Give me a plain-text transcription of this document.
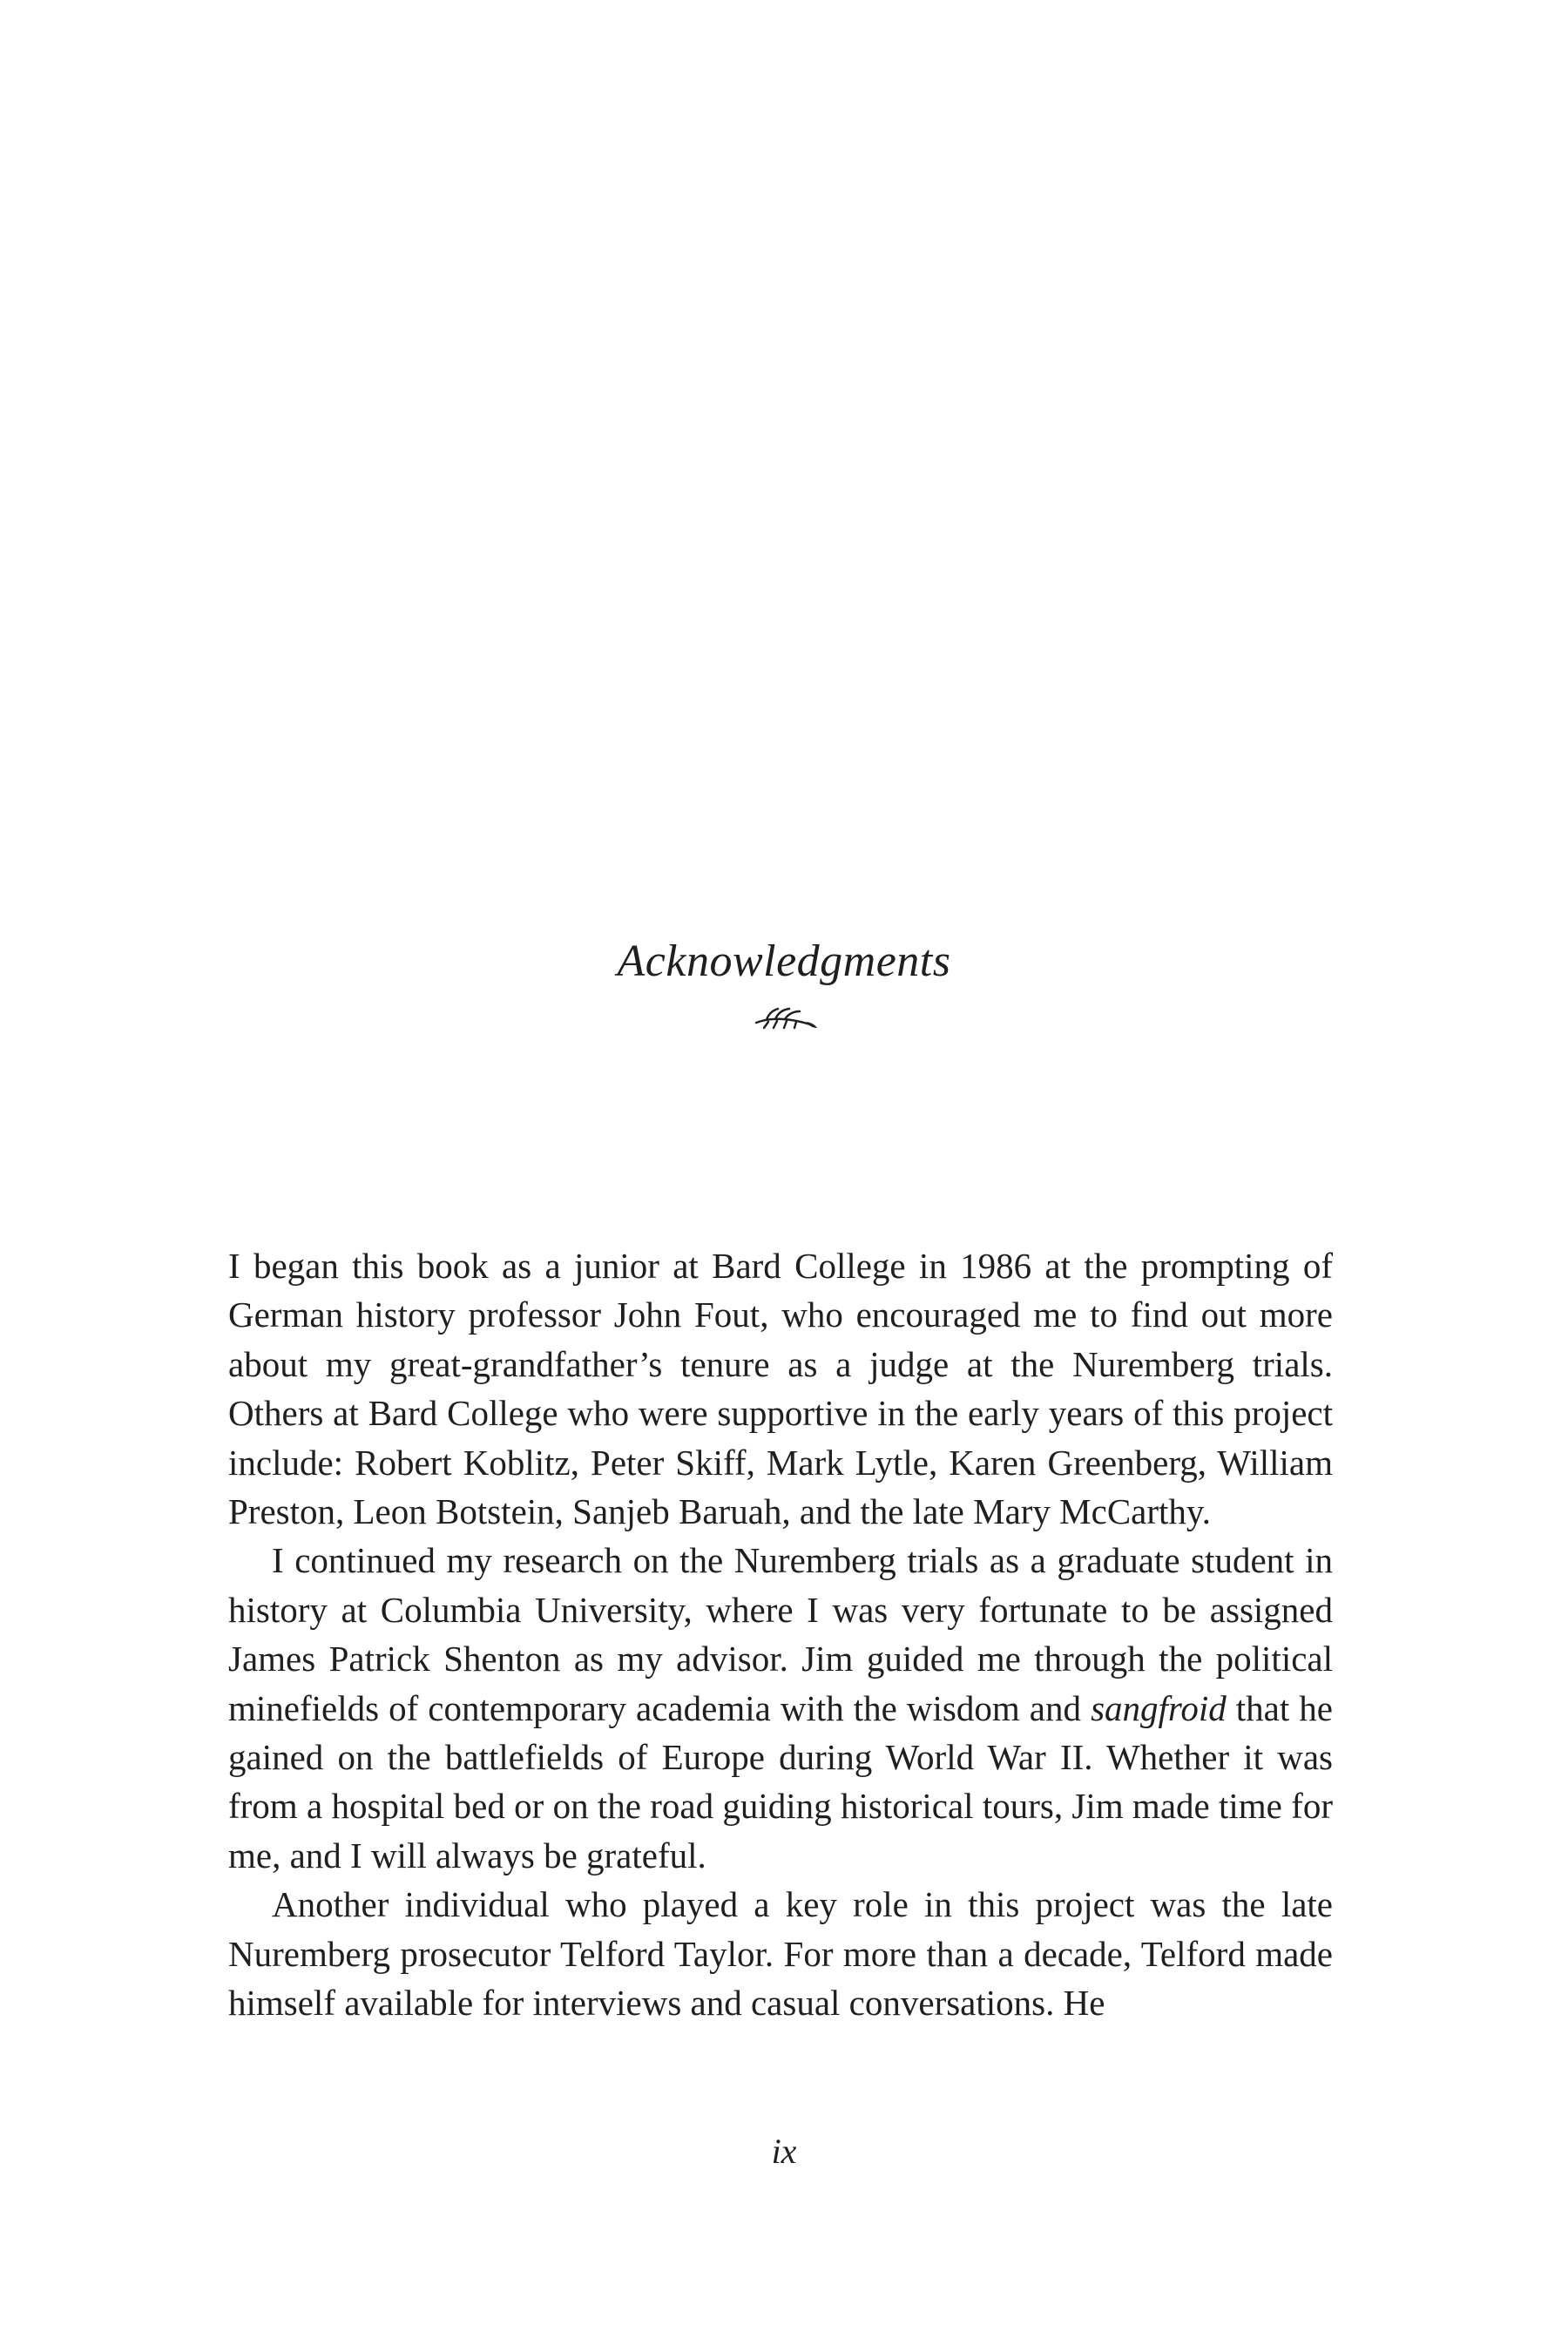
Acknowledgments

I began this book as a junior at Bard College in 1986 at the prompting of German history professor John Fout, who encouraged me to find out more about my great-grandfather’s tenure as a judge at the Nuremberg trials. Others at Bard College who were supportive in the early years of this project include: Robert Koblitz, Peter Skiff, Mark Lytle, Karen Greenberg, William Preston, Leon Botstein, Sanjeb Baruah, and the late Mary McCarthy.

I continued my research on the Nuremberg trials as a graduate student in history at Columbia University, where I was very fortunate to be assigned James Patrick Shenton as my advisor. Jim guided me through the political minefields of contemporary academia with the wisdom and sangfroid that he gained on the battlefields of Europe during World War II. Whether it was from a hospital bed or on the road guiding historical tours, Jim made time for me, and I will always be grateful.

Another individual who played a key role in this project was the late Nuremberg prosecutor Telford Taylor. For more than a decade, Telford made himself available for interviews and casual conversations. He

ix
